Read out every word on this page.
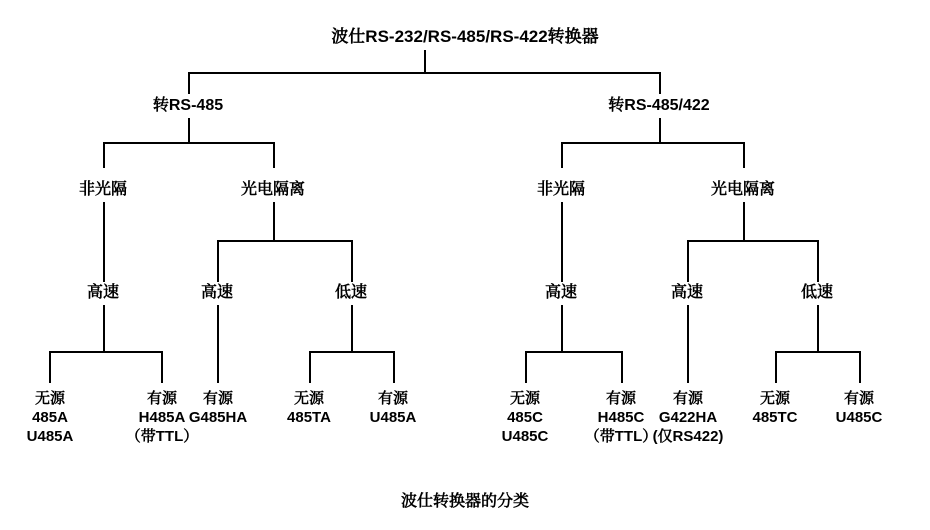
波仕RS-232/RS-485/RS-422转换器
转RS-485	转RS-485/422
非光隔	光电隔离	非光隔	光电隔离
高速	高速	低速	高速	高速	低速
无源
485A
U485A
有源
H485A
（带TTL）
有源
G485HA
无源
485TA
有源
U485A
无源
485C
U485C
有源
H485C
（带TTL）
有源
G422HA
(仅RS422)
无源
485TC
有源
U485C
波仕转换器的分类
